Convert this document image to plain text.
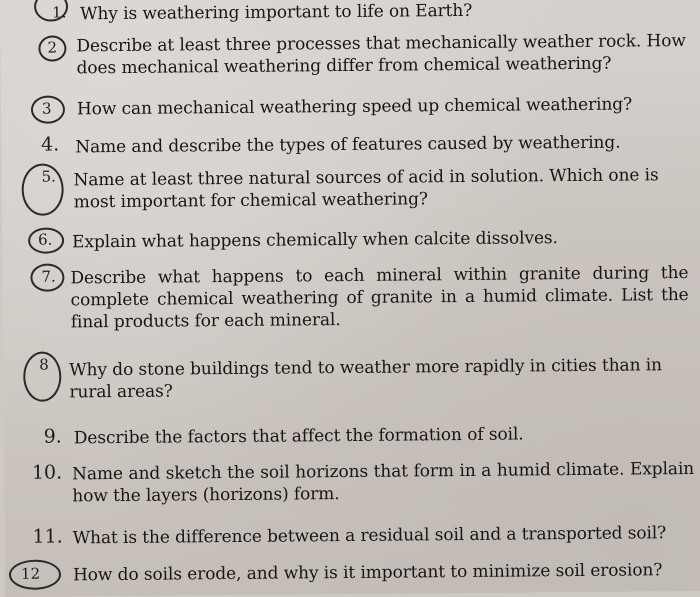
1. Why is weathering important to life on Earth?
2 Describe at least three processes that mechanically weather rock. How does mechanical weathering differ from chemical weathering?
3 How can mechanical weathering speed up chemical weathering?
4. Name and describe the types of features caused by weathering.
5. Name at least three natural sources of acid in solution. Which one is most important for chemical weathering?
6. Explain what happens chemically when calcite dissolves.
7. Describe what happens to each mineral within granite during the complete chemical weathering of granite in a humid climate. List the final products for each mineral.
8 Why do stone buildings tend to weather more rapidly in cities than in rural areas?
9. Describe the factors that affect the formation of soil.
10. Name and sketch the soil horizons that form in a humid climate. Explain how the layers (horizons) form.
11. What is the difference between a residual soil and a transported soil?
12 How do soils erode, and why is it important to minimize soil erosion?
